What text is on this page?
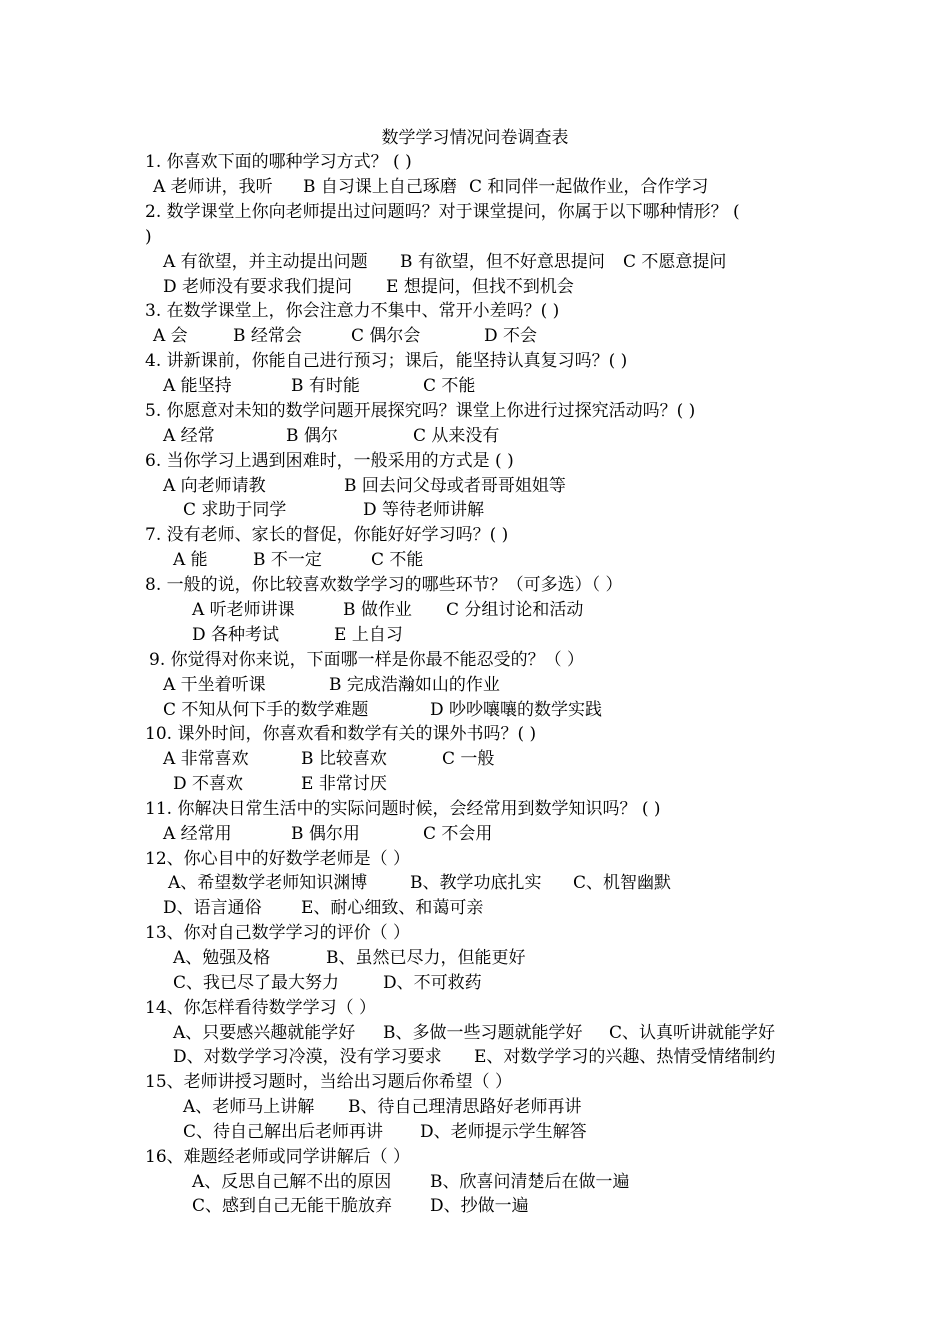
数学学习情况问卷调查表
1. 你喜欢下面的哪种学习方式？ ( )
A 老师讲，我听 B 自习课上自己琢磨 C 和同伴一起做作业，合作学习
2. 数学课堂上你向老师提出过问题吗？对于课堂提问，你属于以下哪种情形？ (
)
A 有欲望，并主动提出问题 B 有欲望，但不好意思提问 C 不愿意提问
D 老师没有要求我们提问 E 想提问，但找不到机会
3. 在数学课堂上，你会注意力不集中、常开小差吗？( )
A 会	B 经常会	C 偶尔会	D 不会
4. 讲新课前，你能自己进行预习；课后，能坚持认真复习吗？( )
A 能坚持	B 有时能	C 不能
5. 你愿意对未知的数学问题开展探究吗？课堂上你进行过探究活动吗？( )
A 经常	B 偶尔	C 从来没有
6. 当你学习上遇到困难时，一般采用的方式是 ( )
A 向老师请教	B 回去问父母或者哥哥姐姐等
C 求助于同学	D 等待老师讲解
7. 没有老师、家长的督促，你能好好学习吗？( )
A 能	B 不一定	C 不能
8. 一般的说，你比较喜欢数学学习的哪些环节？（可多选）（ ）
A 听老师讲课	B 做作业 C 分组讨论和活动
D 各种考试	E 上自习
9. 你觉得对你来说，下面哪一样是你最不能忍受的？（ ）
A 干坐着听课	B 完成浩瀚如山的作业
C 不知从何下手的数学难题	D 吵吵嚷嚷的数学实践
10. 课外时间，你喜欢看和数学有关的课外书吗？( )
A 非常喜欢	B 比较喜欢	C 一般
D 不喜欢	E 非常讨厌
11. 你解决日常生活中的实际问题时候，会经常用到数学知识吗？ ( )
A 经常用	B 偶尔用	C 不会用
12、你心目中的好数学老师是（ ）
A、希望数学老师知识渊博	B、教学功底扎实 C、机智幽默
D、语言通俗 E、耐心细致、和蔼可亲
13、你对自己数学学习的评价（ ）
A、勉强及格	B、虽然已尽力，但能更好
C、我已尽了最大努力	D、不可救药
14、你怎样看待数学学习（ ）
A、只要感兴趣就能学好 B、多做一些习题就能学好 C、认真听讲就能学好
D、对数学学习冷漠，没有学习要求 E、对数学学习的兴趣、热情受情绪制约
15、老师讲授习题时，当给出习题后你希望（ ）
A、老师马上讲解 B、待自己理清思路好老师再讲
C、待自己解出后老师再讲 D、老师提示学生解答
16、难题经老师或同学讲解后（ ）
A、反思自己解不出的原因 B、欣喜问清楚后在做一遍
C、感到自己无能干脆放弃 D、抄做一遍
